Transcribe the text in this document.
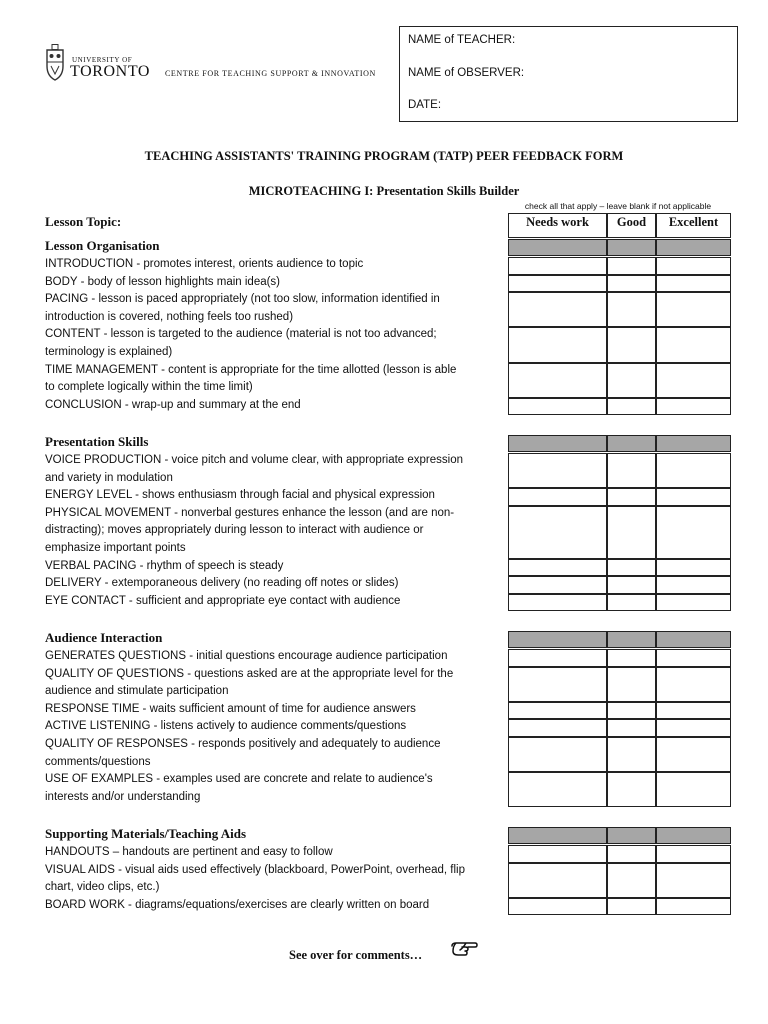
UNIVERSITY OF
TORONTO CENTRE FOR TEACHING SUPPORT & INNOVATION
NAME of TEACHER:
NAME of OBSERVER:
DATE:
TEACHING ASSISTANTS' TRAINING PROGRAM (TATP) PEER FEEDBACK FORM
MICROTEACHING I: Presentation Skills Builder
check all that apply – leave blank if not applicable
Lesson Topic:
Lesson Organisation
INTRODUCTION - promotes interest, orients audience to topic
BODY - body of lesson highlights main idea(s)
PACING - lesson is paced appropriately (not too slow, information identified in
introduction is covered, nothing feels too rushed)
CONTENT - lesson is targeted to the audience (material is not too advanced;
terminology is explained)
TIME MANAGEMENT - content is appropriate for the time allotted (lesson is able
to complete logically within the time limit)
CONCLUSION - wrap-up and summary at the end
Presentation Skills
VOICE PRODUCTION - voice pitch and volume clear, with appropriate expression
and variety in modulation
ENERGY LEVEL - shows enthusiasm through facial and physical expression
PHYSICAL MOVEMENT - nonverbal gestures enhance the lesson (and are non-
distracting); moves appropriately during lesson to interact with audience or
emphasize important points
VERBAL PACING - rhythm of speech is steady
DELIVERY - extemporaneous delivery (no reading off notes or slides)
EYE CONTACT - sufficient and appropriate eye contact with audience
Audience Interaction
GENERATES QUESTIONS - initial questions encourage audience participation
QUALITY OF QUESTIONS - questions asked are at the appropriate level for the
audience and stimulate participation
RESPONSE TIME - waits sufficient amount of time for audience answers
ACTIVE LISTENING - listens actively to audience comments/questions
QUALITY OF RESPONSES - responds positively and adequately to audience
comments/questions
USE OF EXAMPLES - examples used are concrete and relate to audience's
interests and/or understanding
Supporting Materials/Teaching Aids
HANDOUTS – handouts are pertinent and easy to follow
VISUAL AIDS - visual aids used effectively (blackboard, PowerPoint, overhead, flip
chart, video clips, etc.)
BOARD WORK - diagrams/equations/exercises are clearly written on board
Needs work	Good	Excellent
See over for comments…
